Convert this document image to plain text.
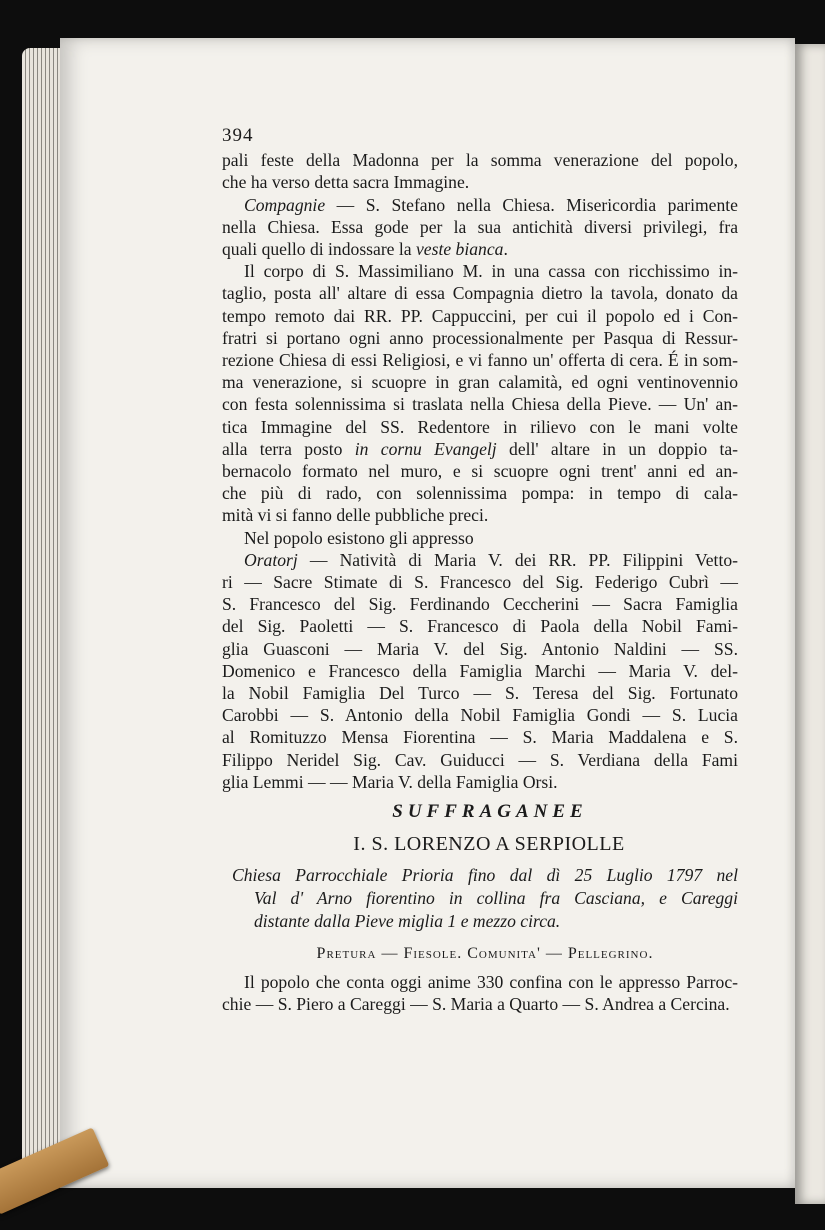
394
pali feste della Madonna per la somma venerazione del popolo,
che ha verso detta sacra Immagine.
Compagnie — S. Stefano nella Chiesa. Misericordia parimente
nella Chiesa. Essa gode per la sua antichità diversi privilegi, fra
quali quello di indossare la veste bianca.
Il corpo di S. Massimiliano M. in una cassa con ricchissimo in-
taglio, posta all' altare di essa Compagnia dietro la tavola, donato da
tempo remoto dai RR. PP. Cappuccini, per cui il popolo ed i Con-
fratri si portano ogni anno processionalmente per Pasqua di Ressur-
rezione Chiesa di essi Religiosi, e vi fanno un' offerta di cera. É in som-
ma venerazione, si scuopre in gran calamità, ed ogni ventinovennio
con festa solennissima si traslata nella Chiesa della Pieve. — Un' an-
tica Immagine del SS. Redentore in rilievo con le mani volte
alla terra posto in cornu Evangelj dell' altare in un doppio ta-
bernacolo formato nel muro, e si scuopre ogni trent' anni ed an-
che più di rado, con solennissima pompa: in tempo di cala-
mità vi si fanno delle pubbliche preci.
Nel popolo esistono gli appresso
Oratorj — Natività di Maria V. dei RR. PP. Filippini Vetto-
ri — Sacre Stimate di S. Francesco del Sig. Federigo Cubrì —
S. Francesco del Sig. Ferdinando Ceccherini — Sacra Famiglia
del Sig. Paoletti — S. Francesco di Paola della Nobil Fami-
glia Guasconi — Maria V. del Sig. Antonio Naldini — SS.
Domenico e Francesco della Famiglia Marchi — Maria V. del-
la Nobil Famiglia Del Turco — S. Teresa del Sig. Fortunato
Carobbi — S. Antonio della Nobil Famiglia Gondi — S. Lucia
al Romituzzo Mensa Fiorentina — S. Maria Maddalena e S.
Filippo Neridel Sig. Cav. Guiducci — S. Verdiana della Fami
glia Lemmi — — Maria V. della Famiglia Orsi.
SUFFRAGANEE
I. S. LORENZO A SERPIOLLE
Chiesa Parrocchiale Prioria fino dal dì 25 Luglio 1797 nel
Val d' Arno fiorentino in collina fra Casciana, e Careggi
distante dalla Pieve miglia 1 e mezzo circa.
Pretura — Fiesole. Comunita' — Pellegrino.
Il popolo che conta oggi anime 330 confina con le appresso Parroc-
chie — S. Piero a Careggi — S. Maria a Quarto — S. Andrea a Cercina.
